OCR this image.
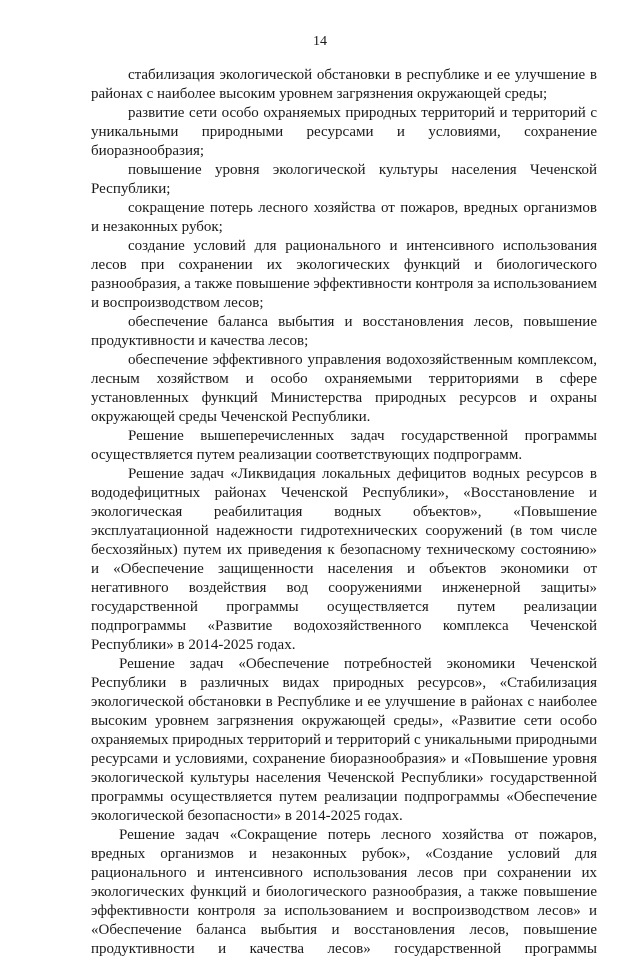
14

стабилизация экологической обстановки в республике и ее улучшение в районах с наиболее высоким уровнем загрязнения окружающей среды;

развитие сети особо охраняемых природных территорий и территорий с уникальными природными ресурсами и условиями, сохранение биоразнообразия;

повышение уровня экологической культуры населения Чеченской Республики;

сокращение потерь лесного хозяйства от пожаров, вредных организмов и незаконных рубок;

создание условий для рационального и интенсивного использования лесов при сохранении их экологических функций и биологического разнообразия, а также повышение эффективности контроля за использованием и воспроизводством лесов;

обеспечение баланса выбытия и восстановления лесов, повышение продуктивности и качества лесов;

обеспечение эффективного управления водохозяйственным комплексом, лесным хозяйством и особо охраняемыми территориями в сфере установленных функций Министерства природных ресурсов и охраны окружающей среды Чеченской Республики.

Решение вышеперечисленных задач государственной программы осуществляется путем реализации соответствующих подпрограмм.

Решение задач «Ликвидация локальных дефицитов водных ресурсов в вододефицитных районах Чеченской Республики», «Восстановление и экологическая реабилитация водных объектов», «Повышение эксплуатационной надежности гидротехнических сооружений (в том числе бесхозяйных) путем их приведения к безопасному техническому состоянию» и «Обеспечение защищенности населения и объектов экономики от негативного воздействия вод сооружениями инженерной защиты» государственной программы осуществляется путем реализации подпрограммы «Развитие водохозяйственного комплекса Чеченской Республики» в 2014-2025 годах.

Решение задач «Обеспечение потребностей экономики Чеченской Республики в различных видах природных ресурсов», «Стабилизация экологической обстановки в Республике и ее улучшение в районах с наиболее высоким уровнем загрязнения окружающей среды», «Развитие сети особо охраняемых природных территорий и территорий с уникальными природными ресурсами и условиями, сохранение биоразнообразия» и «Повышение уровня экологической культуры населения Чеченской Республики» государственной программы осуществляется путем реализации подпрограммы «Обеспечение экологической безопасности» в 2014-2025 годах.

Решение задач «Сокращение потерь лесного хозяйства от пожаров, вредных организмов и незаконных рубок», «Создание условий для рационального и интенсивного использования лесов при сохранении их экологических функций и биологического разнообразия, а также повышение эффективности контроля за использованием и воспроизводством лесов» и «Обеспечение баланса выбытия и восстановления лесов, повышение продуктивности и качества лесов» государственной программы
